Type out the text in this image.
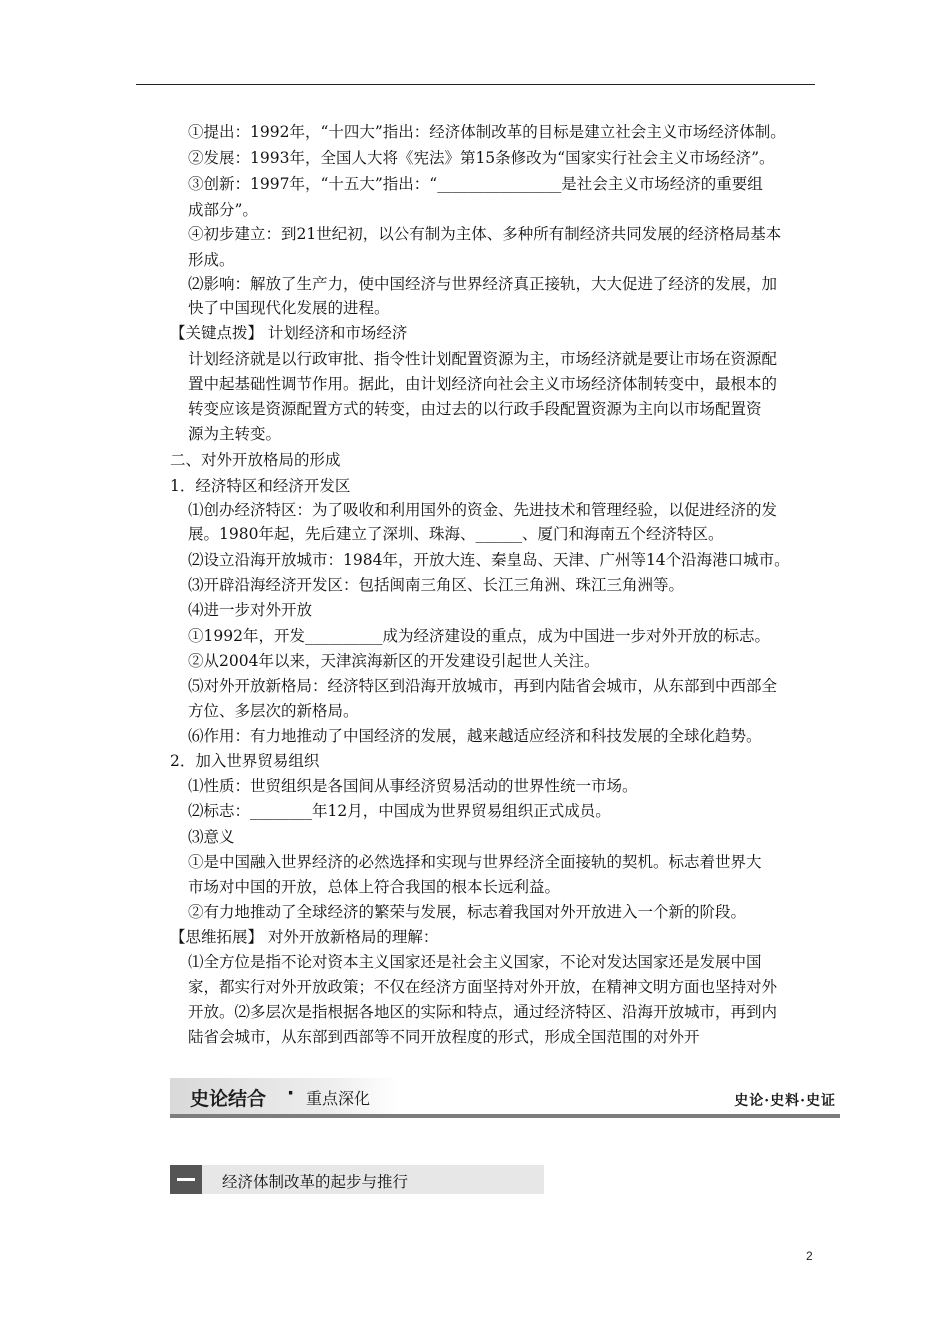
①提出：1992年，“十四大”指出：经济体制改革的目标是建立社会主义市场经济体制。
②发展：1993年，全国人大将《宪法》第15条修改为“国家实行社会主义市场经济”。
③创新：1997年，“十五大”指出：“________________是社会主义市场经济的重要组
成部分”。
④初步建立：到21世纪初，以公有制为主体、多种所有制经济共同发展的经济格局基本
形成。
⑵影响：解放了生产力，使中国经济与世界经济真正接轨，大大促进了经济的发展，加
快了中国现代化发展的进程。
【关键点拨】 计划经济和市场经济
计划经济就是以行政审批、指令性计划配置资源为主，市场经济就是要让市场在资源配
置中起基础性调节作用。据此，由计划经济向社会主义市场经济体制转变中，最根本的
转变应该是资源配置方式的转变，由过去的以行政手段配置资源为主向以市场配置资
源为主转变。
二、对外开放格局的形成
1．经济特区和经济开发区
⑴创办经济特区：为了吸收和利用国外的资金、先进技术和管理经验，以促进经济的发
展。1980年起，先后建立了深圳、珠海、______、厦门和海南五个经济特区。
⑵设立沿海开放城市：1984年，开放大连、秦皇岛、天津、广州等14个沿海港口城市。
⑶开辟沿海经济开发区：包括闽南三角区、长江三角洲、珠江三角洲等。
⑷进一步对外开放
①1992年，开发__________成为经济建设的重点，成为中国进一步对外开放的标志。
②从2004年以来，天津滨海新区的开发建设引起世人关注。
⑸对外开放新格局：经济特区到沿海开放城市，再到内陆省会城市，从东部到中西部全
方位、多层次的新格局。
⑹作用：有力地推动了中国经济的发展，越来越适应经济和科技发展的全球化趋势。
2．加入世界贸易组织
⑴性质：世贸组织是各国间从事经济贸易活动的世界性统一市场。
⑵标志：________年12月，中国成为世界贸易组织正式成员。
⑶意义
①是中国融入世界经济的必然选择和实现与世界经济全面接轨的契机。标志着世界大
市场对中国的开放，总体上符合我国的根本长远利益。
②有力地推动了全球经济的繁荣与发展，标志着我国对外开放进入一个新的阶段。
【思维拓展】 对外开放新格局的理解：
⑴全方位是指不论对资本主义国家还是社会主义国家，不论对发达国家还是发展中国
家，都实行对外开放政策；不仅在经济方面坚持对外开放，在精神文明方面也坚持对外
开放。⑵多层次是指根据各地区的实际和特点，通过经济特区、沿海开放城市，再到内
陆省会城市，从东部到西部等不同开放程度的形式，形成全国范围的对外开
史论结合 · 重点深化	史论·史料·史证
经济体制改革的起步与推行
2
